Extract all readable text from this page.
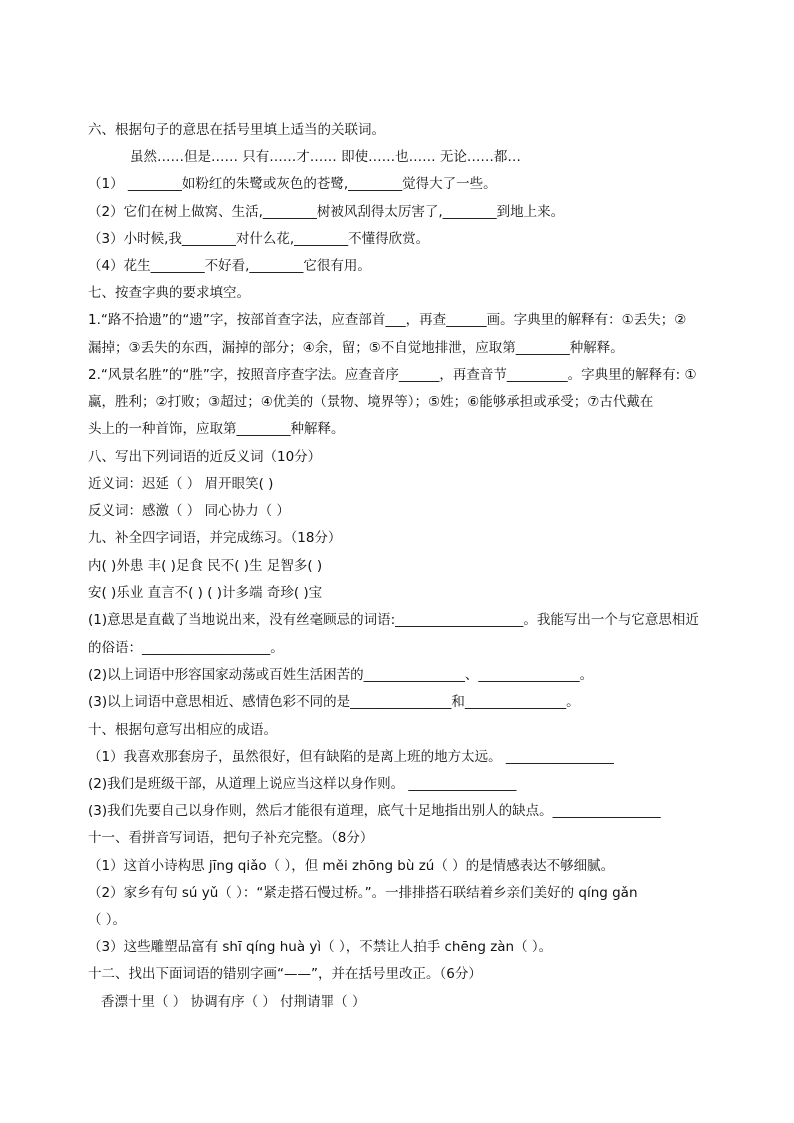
六、根据句子的意思在括号里填上适当的关联词。
虽然……但是…… 只有……才…… 即使……也…… 无论……都…
（1） ________如粉红的朱鹭或灰色的苍鹭,________觉得大了一些。
（2）它们在树上做窝、生活,________树被风刮得太厉害了,________到地上来。
（3）小时候,我________对什么花,________不懂得欣赏。
（4）花生________不好看,________它很有用。
七、按查字典的要求填空。
1.“路不拾遗”的“遗”字，按部首查字法，应查部首___，再查______画。字典里的解释有：①丢失；②
漏掉；③丢失的东西，漏掉的部分；④余，留；⑤不自觉地排泄，应取第________种解释。
2.“风景名胜”的“胜”字，按照音序查字法。应查音序______，再查音节_________。字典里的解释有: ①
赢，胜利；②打败；③超过；④优美的（景物、境界等）；⑤姓；⑥能够承担或承受；⑦古代戴在
头上的一种首饰，应取第________种解释。
八、写出下列词语的近反义词（10分）
近义词：迟延（ ） 眉开眼笑( )
反义词：感激（ ） 同心协力（ ）
九、补全四字词语，并完成练习。（18分）
内( )外患 丰( )足食 民不( )生 足智多( )
安( )乐业 直言不( ) ( )计多端 奇珍( )宝
(1)意思是直截了当地说出来，没有丝毫顾忌的词语:___________________。我能写出一个与它意思相近
的俗语：___________________。
(2)以上词语中形容国家动荡或百姓生活困苦的_______________、_______________。
(3)以上词语中意思相近、感情色彩不同的是_______________和_______________。
十、根据句意写出相应的成语。
（1）我喜欢那套房子，虽然很好，但有缺陷的是离上班的地方太远。 ________________
(2)我们是班级干部，从道理上说应当这样以身作则。 ________________
(3)我们先要自己以身作则，然后才能很有道理，底气十足地指出别人的缺点。________________
十一、看拼音写词语，把句子补充完整。（8分）
（1）这首小诗构思 jīng qiǎo（ ），但 měi zhōng bù zú（ ）的是情感表达不够细腻。
（2）家乡有句 sú yǔ（ ）：“紧走搭石慢过桥。”。一排排搭石联结着乡亲们美好的 qíng gǎn
（ ）。
（3）这些雕塑品富有 shī qíng huà yì（ ），不禁让人拍手 chēng zàn（ ）。
十二、找出下面词语的错别字画“——”，并在括号里改正。（6分）
香漂十里（ ） 协调有序（ ） 付荆请罪（ ）
